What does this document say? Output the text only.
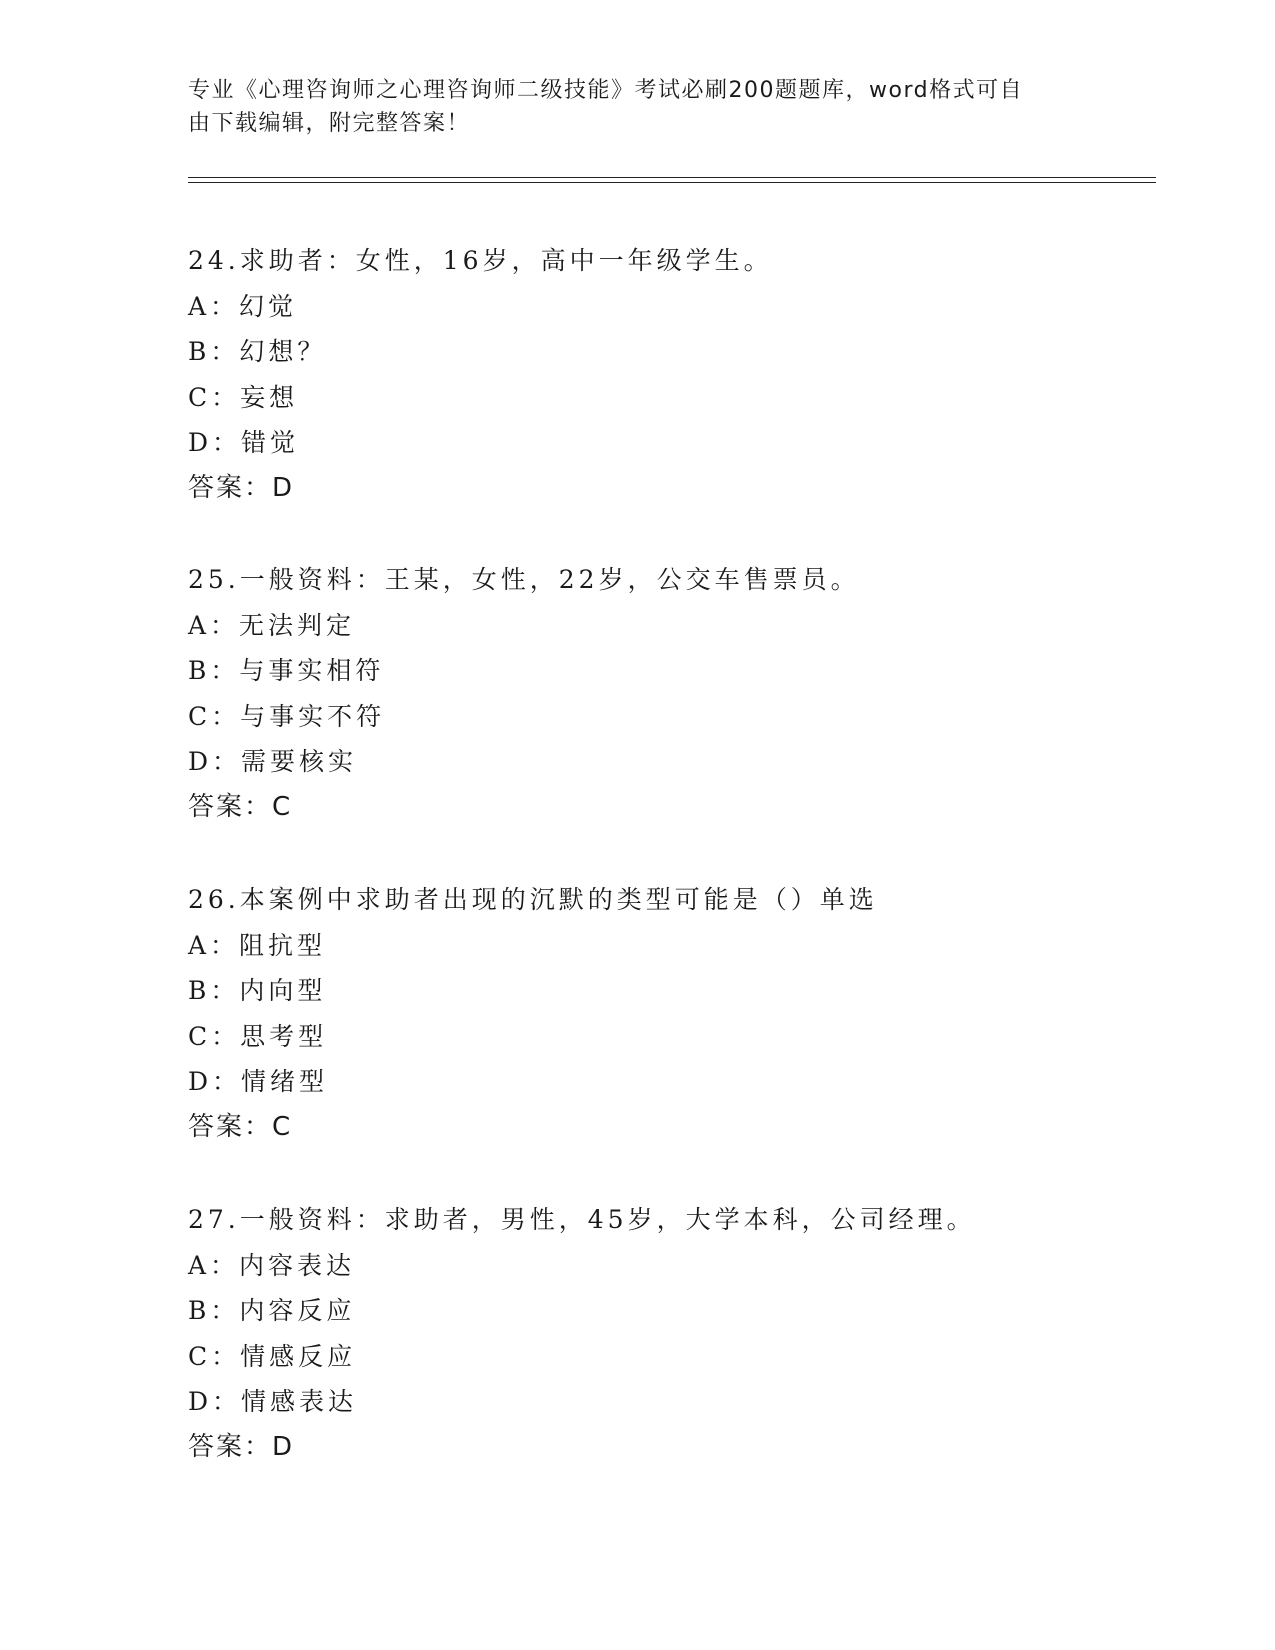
专业《心理咨询师之心理咨询师二级技能》考试必刷200题题库，word格式可自
由下载编辑，附完整答案！
24.求助者：女性，16岁，高中一年级学生。
A：幻觉
B：幻想？
C：妄想
D：错觉
答案：D
25.一般资料：王某，女性，22岁，公交车售票员。
A：无法判定
B：与事实相符
C：与事实不符
D：需要核实
答案：C
26.本案例中求助者出现的沉默的类型可能是（）单选
A：阻抗型
B：内向型
C：思考型
D：情绪型
答案：C
27.一般资料：求助者，男性，45岁，大学本科，公司经理。
A：内容表达
B：内容反应
C：情感反应
D：情感表达
答案：D
